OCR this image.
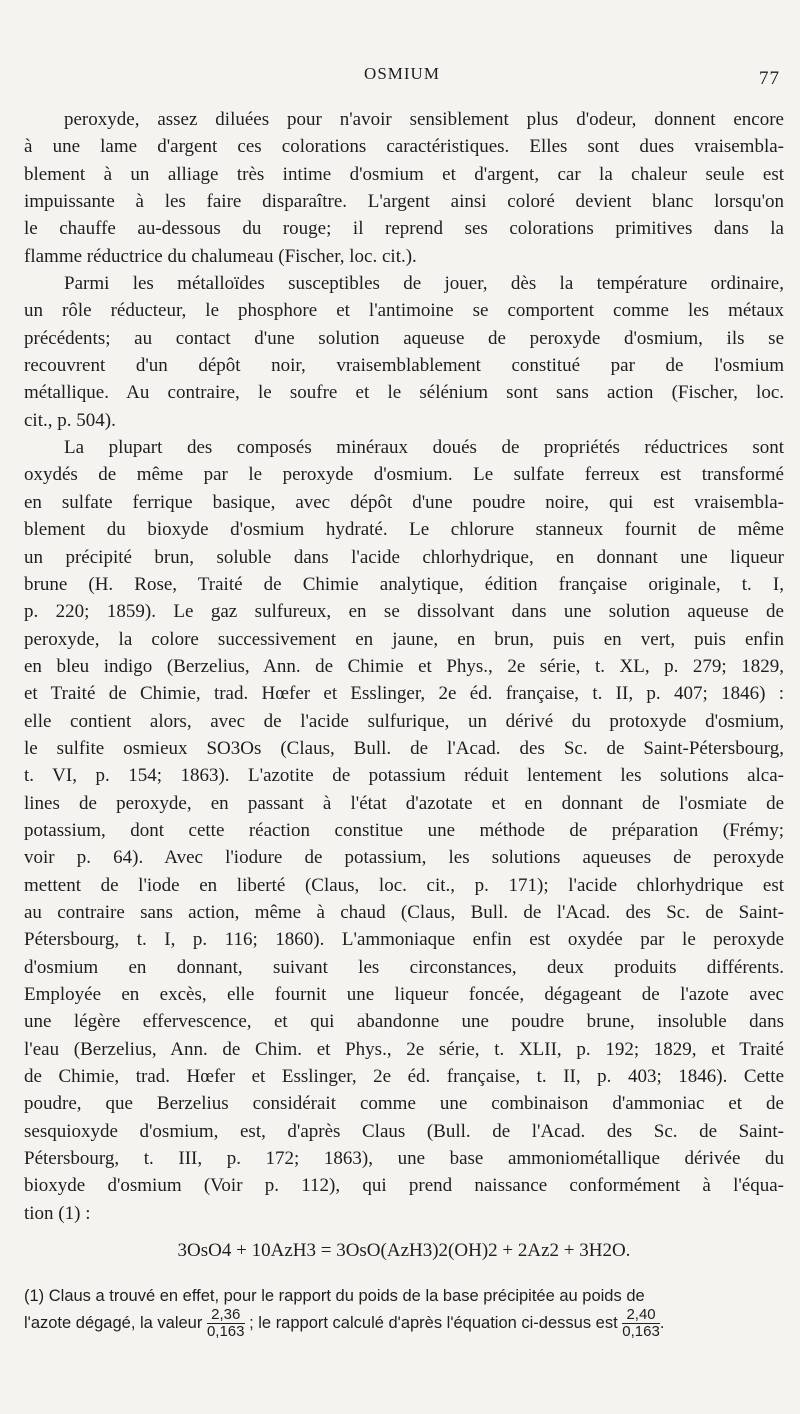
OSMIUM	77
peroxyde, assez diluées pour n'avoir sensiblement plus d'odeur, donnent encore
à une lame d'argent ces colorations caractéristiques. Elles sont dues vraisembla-
blement à un alliage très intime d'osmium et d'argent, car la chaleur seule est
impuissante à les faire disparaître. L'argent ainsi coloré devient blanc lorsqu'on
le chauffe au-dessous du rouge; il reprend ses colorations primitives dans la
flamme réductrice du chalumeau (Fischer, loc. cit.).
Parmi les métalloïdes susceptibles de jouer, dès la température ordinaire,
un rôle réducteur, le phosphore et l'antimoine se comportent comme les métaux
précédents; au contact d'une solution aqueuse de peroxyde d'osmium, ils se
recouvrent d'un dépôt noir, vraisemblablement constitué par de l'osmium
métallique. Au contraire, le soufre et le sélénium sont sans action (Fischer, loc.
cit., p. 504).
La plupart des composés minéraux doués de propriétés réductrices sont
oxydés de même par le peroxyde d'osmium. Le sulfate ferreux est transformé
en sulfate ferrique basique, avec dépôt d'une poudre noire, qui est vraisembla-
blement du bioxyde d'osmium hydraté. Le chlorure stanneux fournit de même
un précipité brun, soluble dans l'acide chlorhydrique, en donnant une liqueur
brune (H. Rose, Traité de Chimie analytique, édition française originale, t. I,
p. 220; 1859). Le gaz sulfureux, en se dissolvant dans une solution aqueuse de
peroxyde, la colore successivement en jaune, en brun, puis en vert, puis enfin
en bleu indigo (Berzelius, Ann. de Chimie et Phys., 2e série, t. XL, p. 279; 1829,
et Traité de Chimie, trad. Hœfer et Esslinger, 2e éd. française, t. II, p. 407; 1846) :
elle contient alors, avec de l'acide sulfurique, un dérivé du protoxyde d'osmium,
le sulfite osmieux SO3Os (Claus, Bull. de l'Acad. des Sc. de Saint-Pétersbourg,
t. VI, p. 154; 1863). L'azotite de potassium réduit lentement les solutions alca-
lines de peroxyde, en passant à l'état d'azotate et en donnant de l'osmiate de
potassium, dont cette réaction constitue une méthode de préparation (Frémy;
voir p. 64). Avec l'iodure de potassium, les solutions aqueuses de peroxyde
mettent de l'iode en liberté (Claus, loc. cit., p. 171); l'acide chlorhydrique est
au contraire sans action, même à chaud (Claus, Bull. de l'Acad. des Sc. de Saint-
Pétersbourg, t. I, p. 116; 1860). L'ammoniaque enfin est oxydée par le peroxyde
d'osmium en donnant, suivant les circonstances, deux produits différents.
Employée en excès, elle fournit une liqueur foncée, dégageant de l'azote avec
une légère effervescence, et qui abandonne une poudre brune, insoluble dans
l'eau (Berzelius, Ann. de Chim. et Phys., 2e série, t. XLII, p. 192; 1829, et Traité
de Chimie, trad. Hœfer et Esslinger, 2e éd. française, t. II, p. 403; 1846). Cette
poudre, que Berzelius considérait comme une combinaison d'ammoniac et de
sesquioxyde d'osmium, est, d'après Claus (Bull. de l'Acad. des Sc. de Saint-
Pétersbourg, t. III, p. 172; 1863), une base ammoniométallique dérivée du
bioxyde d'osmium (Voir p. 112), qui prend naissance conformément à l'équa-
tion (1) :
3OsO4 + 10AzH3 = 3OsO(AzH3)2(OH)2 + 2Az2 + 3H2O.
(1) Claus a trouvé en effet, pour le rapport du poids de la base précipitée au poids de
l'azote dégagé, la valeur $\frac{2,36}{0,163}$ ; le rapport calculé d'après l'équation ci-dessus est $\frac{2,40}{0,163}$ .
